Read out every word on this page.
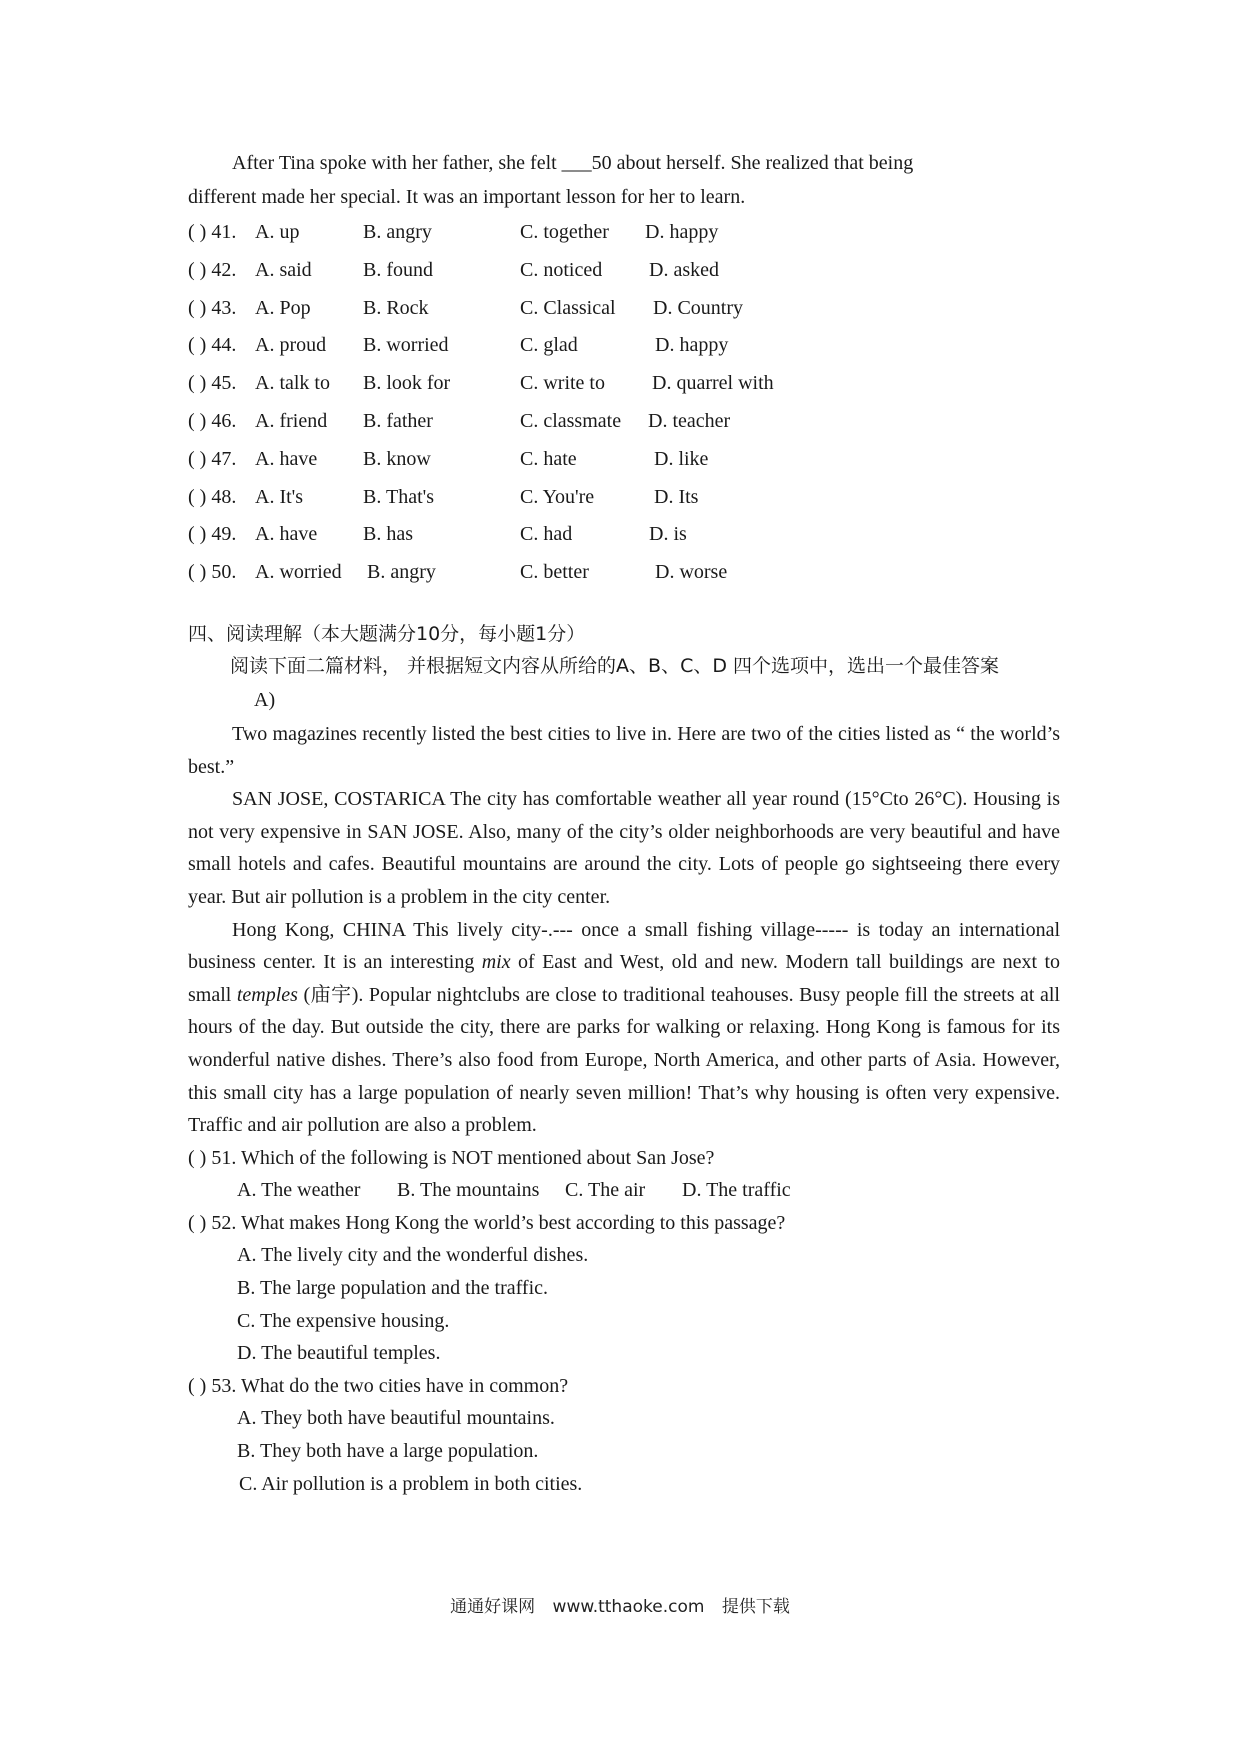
After Tina spoke with her father, she felt ___50 about herself. She realized that being

different made her special. It was an important lesson for her to learn.

( ) 41. A. up	B. angry	C. together D. happy
( ) 42. A. said	B. found	C. noticed D. asked
( ) 43. A. Pop	B. Rock	C. Classical D. Country
( ) 44. A. proud B. worried	C. glad	D. happy
( ) 45. A. talk to B. look for	C. write to D. quarrel with
( ) 46. A. friend B. father	C. classmate D. teacher
( ) 47. A. have B. know	C. hate	D. like
( ) 48. A. It's	B. That's	C. You're	D. Its
( ) 49. A. have B. has	C. had	D. is
( ) 50. A. worried B. angry	C. better	D. worse
四、阅读理解（本大题满分10分，每小题1分）

阅读下面二篇材料， 并根据短文内容从所给的A、B、C、D 四个选项中，选出一个最佳答案

A)

Two magazines recently listed the best cities to live in. Here are two of the cities listed as “ the world’s best.”

SAN JOSE, COSTARICA The city has comfortable weather all year round (15°Cto 26°C). Housing is not very expensive in SAN JOSE. Also, many of the city’s older neighborhoods are very beautiful and have small hotels and cafes. Beautiful mountains are around the city. Lots of people go sightseeing there every year. But air pollution is a problem in the city center.

Hong Kong, CHINA This lively city-.--- once a small fishing village----- is today an international business center. It is an interesting mix of East and West, old and new. Modern tall buildings are next to small temples (庙宇). Popular nightclubs are close to traditional teahouses. Busy people fill the streets at all hours of the day. But outside the city, there are parks for walking or relaxing. Hong Kong is famous for its wonderful native dishes. There’s also food from Europe, North America, and other parts of Asia. However, this small city has a large population of nearly seven million! That’s why housing is often very expensive. Traffic and air pollution are also a problem.

( ) 51. Which of the following is NOT mentioned about San Jose?
A. The weather B. The mountains C. The air D. The traffic
( ) 52. What makes Hong Kong the world’s best according to this passage?
A. The lively city and the wonderful dishes.
B. The large population and the traffic.
C. The expensive housing.
D. The beautiful temples.
( ) 53. What do the two cities have in common?
A. They both have beautiful mountains.
B. They both have a large population.
C. Air pollution is a problem in both cities.
通通好课网 www.tthaoke.com 提供下载
